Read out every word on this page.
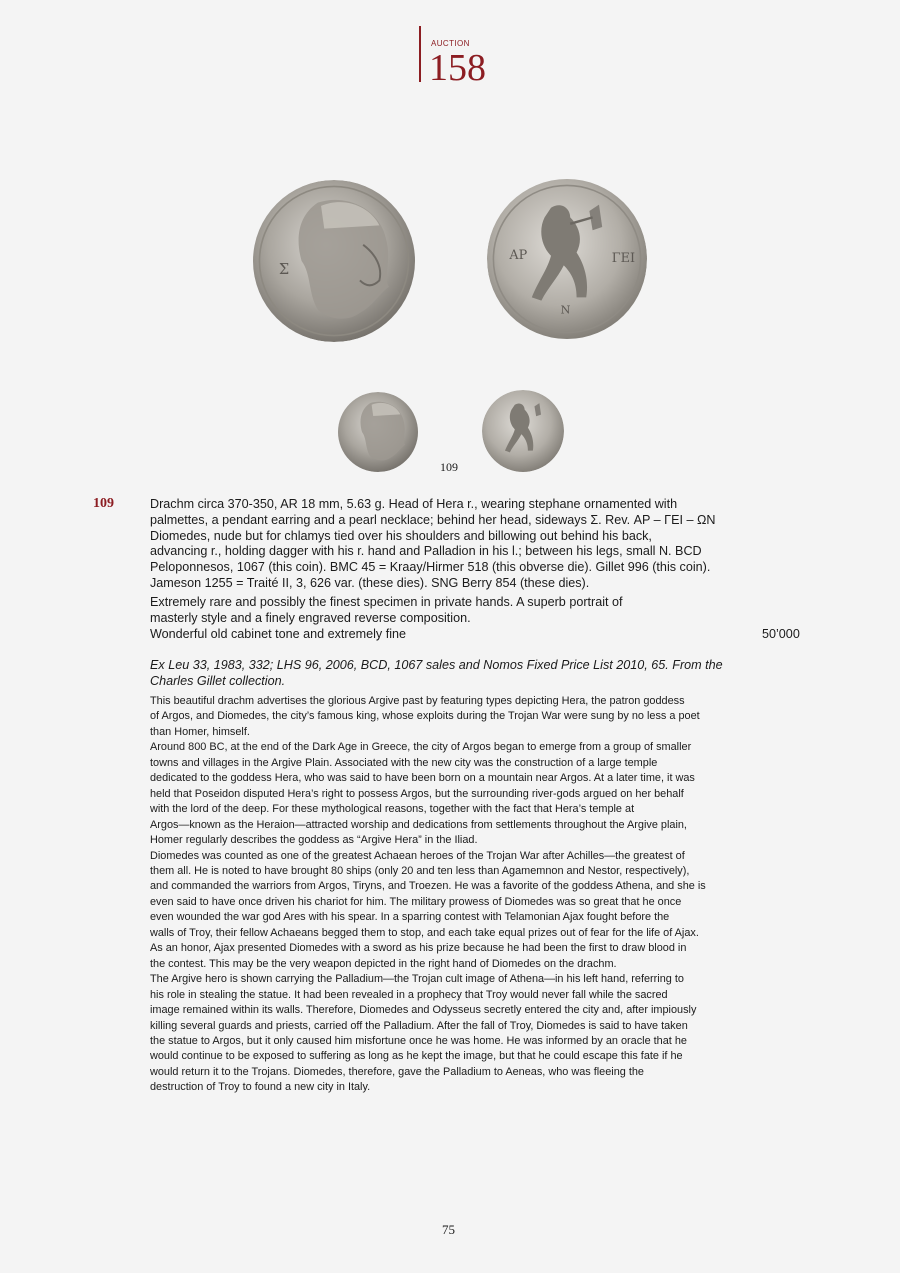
AUCTION
158
Σ
ΑΡ	ΓΕΙ
N
109
109	Drachm circa 370-350, AR 18 mm, 5.63 g. Head of Hera r., wearing stephane ornamented with

palmettes, a pendant earring and a pearl necklace; behind her head, sideways Σ. Rev. ΑΡ – ΓΕΙ – ΩΝ

Diomedes, nude but for chlamys tied over his shoulders and billowing out behind his back,

advancing r., holding dagger with his r. hand and Palladion in his l.; between his legs, small N. BCD

Peloponnesos, 1067 (this coin). BMC 45 = Kraay/Hirmer 518 (this obverse die). Gillet 996 (this coin).

Jameson 1255 = Traité II, 3, 626 var. (these dies). SNG Berry 854 (these dies).

Extremely rare and possibly the finest specimen in private hands. A superb portrait of

masterly style and a finely engraved reverse composition.

Wonderful old cabinet tone and extremely fine	50’000
Ex Leu 33, 1983, 332; LHS 96, 2006, BCD, 1067 sales and Nomos Fixed Price List 2010, 65. From the
Charles Gillet collection.

This beautiful drachm advertises the glorious Argive past by featuring types depicting Hera, the patron goddess

of Argos, and Diomedes, the city’s famous king, whose exploits during the Trojan War were sung by no less a poet

than Homer, himself.

Around 800 BC, at the end of the Dark Age in Greece, the city of Argos began to emerge from a group of smaller

towns and villages in the Argive Plain. Associated with the new city was the construction of a large temple

dedicated to the goddess Hera, who was said to have been born on a mountain near Argos. At a later time, it was

held that Poseidon disputed Hera’s right to possess Argos, but the surrounding river-gods argued on her behalf

with the lord of the deep. For these mythological reasons, together with the fact that Hera’s temple at

Argos—known as the Heraion—attracted worship and dedications from settlements throughout the Argive plain,

Homer regularly describes the goddess as “Argive Hera” in the Iliad.

Diomedes was counted as one of the greatest Achaean heroes of the Trojan War after Achilles—the greatest of

them all. He is noted to have brought 80 ships (only 20 and ten less than Agamemnon and Nestor, respectively),

and commanded the warriors from Argos, Tiryns, and Troezen. He was a favorite of the goddess Athena, and she is

even said to have once driven his chariot for him. The military prowess of Diomedes was so great that he once

even wounded the war god Ares with his spear. In a sparring contest with Telamonian Ajax fought before the

walls of Troy, their fellow Achaeans begged them to stop, and each take equal prizes out of fear for the life of Ajax.

As an honor, Ajax presented Diomedes with a sword as his prize because he had been the first to draw blood in

the contest. This may be the very weapon depicted in the right hand of Diomedes on the drachm.

The Argive hero is shown carrying the Palladium—the Trojan cult image of Athena—in his left hand, referring to

his role in stealing the statue. It had been revealed in a prophecy that Troy would never fall while the sacred

image remained within its walls. Therefore, Diomedes and Odysseus secretly entered the city and, after impiously

killing several guards and priests, carried off the Palladium. After the fall of Troy, Diomedes is said to have taken

the statue to Argos, but it only caused him misfortune once he was home. He was informed by an oracle that he

would continue to be exposed to suffering as long as he kept the image, but that he could escape this fate if he

would return it to the Trojans. Diomedes, therefore, gave the Palladium to Aeneas, who was fleeing the

destruction of Troy to found a new city in Italy.

75
